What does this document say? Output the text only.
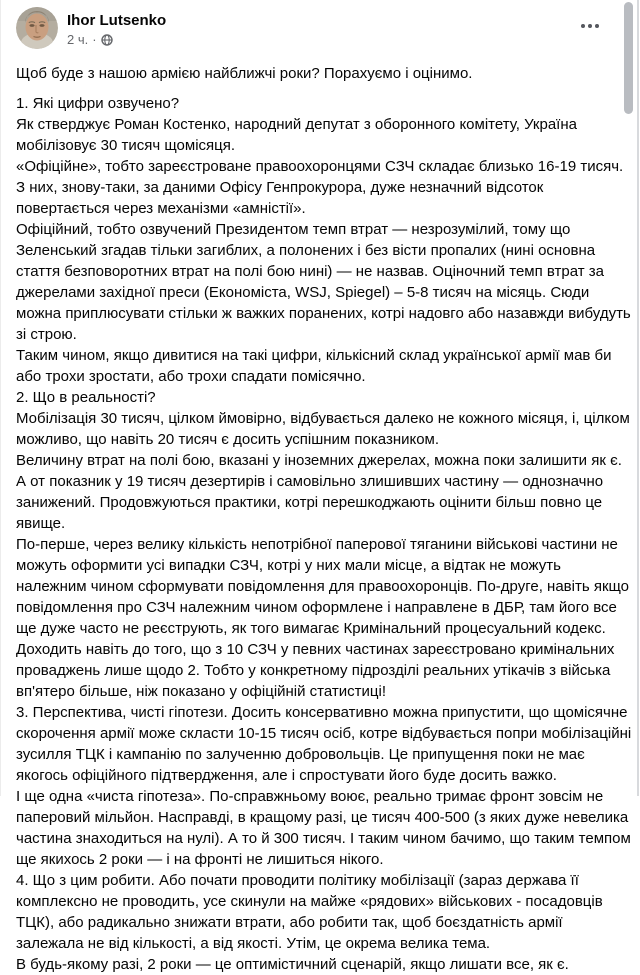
Ihor Lutsenko
2 ч. ·
Щоб буде з нашою армією найближчі роки? Порахуємо і оцінимо.
1. Які цифри озвучено?
Як стверджує Роман Костенко, народний депутат з оборонного комітету, Україна мобілізовує 30 тисяч щомісяця.
«Офіційне», тобто зареєстроване правоохоронцями СЗЧ складає близько 16-19 тисяч. З них, знову-таки, за даними Офісу Генпрокурора, дуже незначний відсоток повертається через механізми «амністії».
Офіційний, тобто озвучений Президентом темп втрат — незрозумілий, тому що Зеленський згадав тільки загиблих, а полонених і без вісти пропалих (нині основна стаття безповоротних втрат на полі бою нині) — не назвав. Оціночний темп втрат за джерелами західної преси (Економіста, WSJ, Spiegel) – 5-8 тисяч на місяць. Сюди можна приплюсувати стільки ж важких поранених, котрі надовго або назавжди вибудуть зі строю.
Таким чином, якщо дивитися на такі цифри, кількісний склад української армії мав би або трохи зростати, або трохи спадати помісячно.
2. Що в реальності?
Мобілізація 30 тисяч, цілком ймовірно, відбувається далеко не кожного місяця, і, цілком можливо, що навіть 20 тисяч є досить успішним показником.
Величину втрат на полі бою, вказані у іноземних джерелах, можна поки залишити як є.
А от показник у 19 тисяч дезертирів і самовільно злишивших частину — однозначно занижений. Продовжуються практики, котрі перешкоджають оцінити більш повно це явище.
По-перше, через велику кількість непотрібної паперової тяганини військові частини не можуть оформити усі випадки СЗЧ, котрі у них мали місце, а відтак не можуть належним чином сформувати повідомлення для правоохоронців. По-друге, навіть якщо повідомлення про СЗЧ належним чином оформлене і направлене в ДБР, там його все ще дуже часто не реєструють, як того вимагає Кримінальний процесуальний кодекс. Доходить навіть до того, що з 10 СЗЧ у певних частинах зареєстровано кримінальних проваджень лише щодо 2. Тобто у конкретному підрозділі реальних утікачів з війська вп'ятеро більше, ніж показано у офіційній статистиці!
3. Перспектива, чисті гіпотези. Досить консервативно можна припустити, що щомісячне скорочення армії може скласти 10-15 тисяч осіб, котре відбувається попри мобілізаційні зусилля ТЦК і кампанію по залученню добровольців. Це припущення поки не має якогось офіційного підтвердження, але і спростувати його буде досить важко.
І ще одна «чиста гіпотеза». По-справжньому воює, реально тримає фронт зовсім не паперовий мільйон. Насправді, в кращому разі, це тисяч 400-500 (з яких дуже невелика частина знаходиться на нулі). А то й 300 тисяч. І таким чином бачимо, що таким темпом ще якихось 2 роки — і на фронті не лишиться нікого.
4. Що з цим робити. Або почати проводити політику мобілізації (зараз держава її комплексно не проводить, усе скинули на майже «рядових» військових - посадовців ТЦК), або радикально знижати втрати, або робити так, щоб боєздатність армії залежала не від кількості, а від якості. Утім, це окрема велика тема.
В будь-якому разі, 2 роки — це оптимістичний сценарій, якщо лишати все, як є.
